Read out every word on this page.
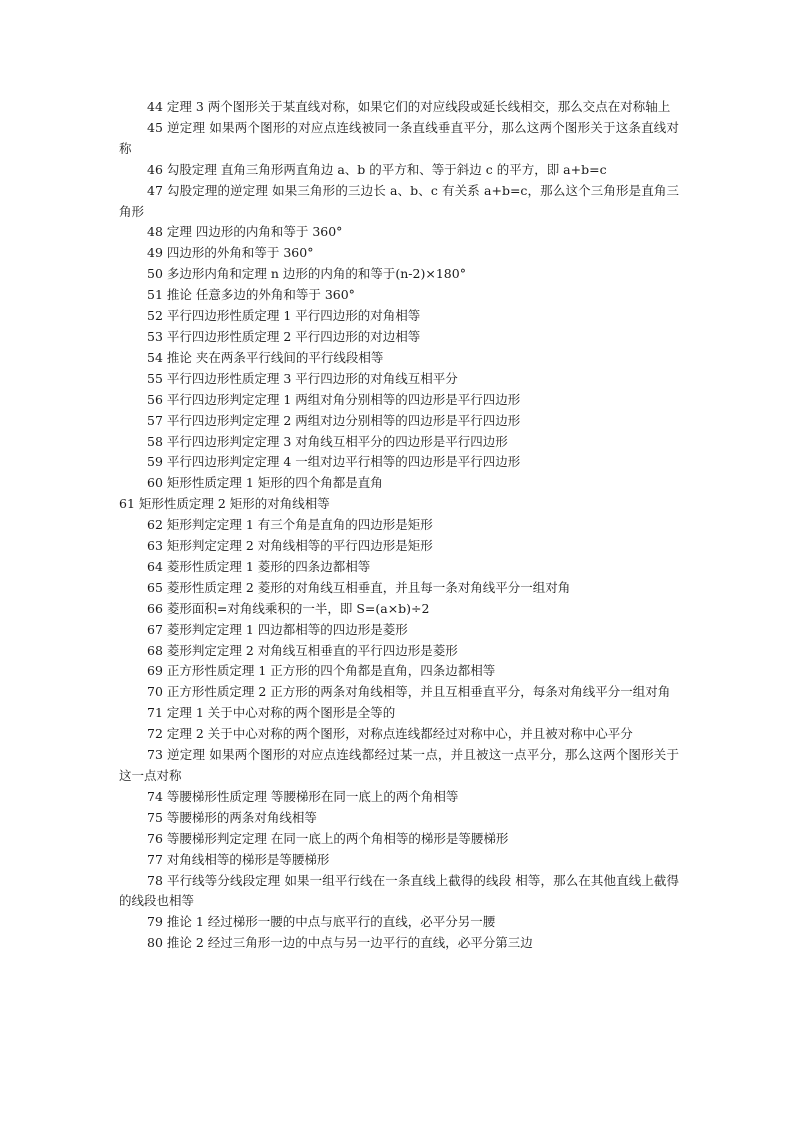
44 定理 3 两个图形关于某直线对称，如果它们的对应线段或延长线相交，那么交点在对称轴上

45 逆定理 如果两个图形的对应点连线被同一条直线垂直平分，那么这两个图形关于这条直线对称

46 勾股定理 直角三角形两直角边 a、b 的平方和、等于斜边 c 的平方，即 a+b=c

47 勾股定理的逆定理 如果三角形的三边长 a、b、c 有关系 a+b=c，那么这个三角形是直角三角形

48 定理 四边形的内角和等于 360°

49 四边形的外角和等于 360°

50 多边形内角和定理 n 边形的内角的和等于(n-2)×180°

51 推论 任意多边的外角和等于 360°

52 平行四边形性质定理 1 平行四边形的对角相等

53 平行四边形性质定理 2 平行四边形的对边相等

54 推论 夹在两条平行线间的平行线段相等

55 平行四边形性质定理 3 平行四边形的对角线互相平分

56 平行四边形判定定理 1 两组对角分别相等的四边形是平行四边形

57 平行四边形判定定理 2 两组对边分别相等的四边形是平行四边形

58 平行四边形判定定理 3 对角线互相平分的四边形是平行四边形

59 平行四边形判定定理 4 一组对边平行相等的四边形是平行四边形

60 矩形性质定理 1 矩形的四个角都是直角

61 矩形性质定理 2 矩形的对角线相等

62 矩形判定定理 1 有三个角是直角的四边形是矩形

63 矩形判定定理 2 对角线相等的平行四边形是矩形

64 菱形性质定理 1 菱形的四条边都相等

65 菱形性质定理 2 菱形的对角线互相垂直，并且每一条对角线平分一组对角

66 菱形面积=对角线乘积的一半，即 S=(a×b)÷2

67 菱形判定定理 1 四边都相等的四边形是菱形

68 菱形判定定理 2 对角线互相垂直的平行四边形是菱形

69 正方形性质定理 1 正方形的四个角都是直角，四条边都相等

70 正方形性质定理 2 正方形的两条对角线相等，并且互相垂直平分，每条对角线平分一组对角

71 定理 1 关于中心对称的两个图形是全等的

72 定理 2 关于中心对称的两个图形，对称点连线都经过对称中心，并且被对称中心平分

73 逆定理 如果两个图形的对应点连线都经过某一点，并且被这一点平分，那么这两个图形关于这一点对称

74 等腰梯形性质定理 等腰梯形在同一底上的两个角相等

75 等腰梯形的两条对角线相等

76 等腰梯形判定定理 在同一底上的两个角相等的梯形是等腰梯形

77 对角线相等的梯形是等腰梯形

78 平行线等分线段定理 如果一组平行线在一条直线上截得的线段 相等，那么在其他直线上截得的线段也相等

79 推论 1 经过梯形一腰的中点与底平行的直线，必平分另一腰

80 推论 2 经过三角形一边的中点与另一边平行的直线，必平分第三边
